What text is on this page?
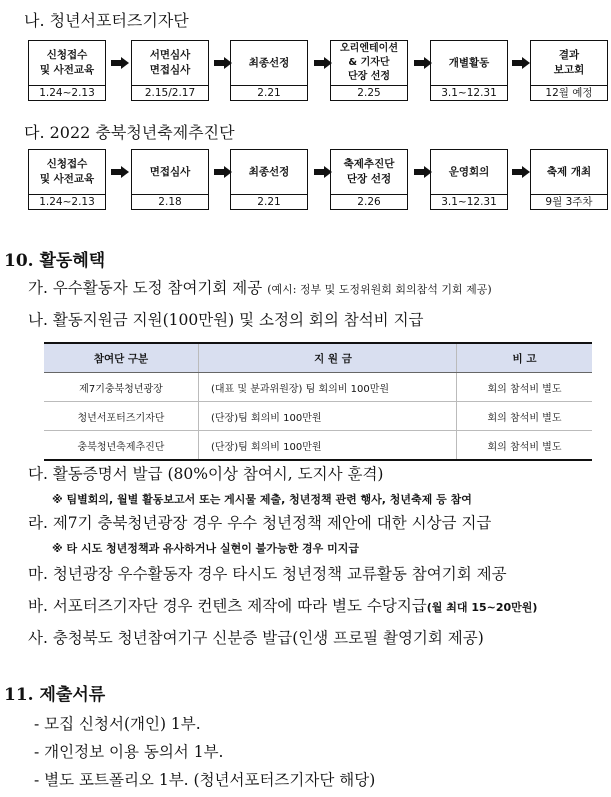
나. 청년서포터즈기자단
신청접수
및 사전교육
1.24~2.13
서면심사
면접심사
2.15/2.17
최종선정
2.21
오리엔테이션
& 기자단
단장 선정
2.25
개별활동
3.1~12.31
결과
보고회
12월 예정
다. 2022 충북청년축제추진단
신청접수
및 사전교육
1.24~2.13
면접심사
2.18
최종선정
2.21
축제추진단
단장 선정
2.26
운영회의
3.1~12.31
축제 개최
9월 3주차
10. 활동혜택
가. 우수활동자 도정 참여기회 제공 (예시: 정부 및 도정위원회 회의참석 기회 제공)
나. 활동지원금 지원(100만원) 및 소정의 회의 참석비 지급
참여단 구분	지 원 금	비 고
제7기충북청년광장	(대표 및 분과위원장) 팀 회의비 100만원	회의 참석비 별도
청년서포터즈기자단	(단장)팀 회의비 100만원	회의 참석비 별도
충북청년축제추진단	(단장)팀 회의비 100만원	회의 참석비 별도
다. 활동증명서 발급 (80%이상 참여시, 도지사 훈격)
※ 팀별회의, 월별 활동보고서 또는 게시물 제출, 청년정책 관련 행사, 청년축제 등 참여
라. 제7기 충북청년광장 경우 우수 청년정책 제안에 대한 시상금 지급
※ 타 시도 청년정책과 유사하거나 실현이 불가능한 경우 미지급
마. 청년광장 우수활동자 경우 타시도 청년정책 교류활동 참여기회 제공
바. 서포터즈기자단 경우 컨텐츠 제작에 따라 별도 수당지급(월 최대 15~20만원)
사. 충청북도 청년참여기구 신분증 발급(인생 프로필 촬영기회 제공)
11. 제출서류
- 모집 신청서(개인) 1부.
- 개인정보 이용 동의서 1부.
- 별도 포트폴리오 1부. (청년서포터즈기자단 해당)
